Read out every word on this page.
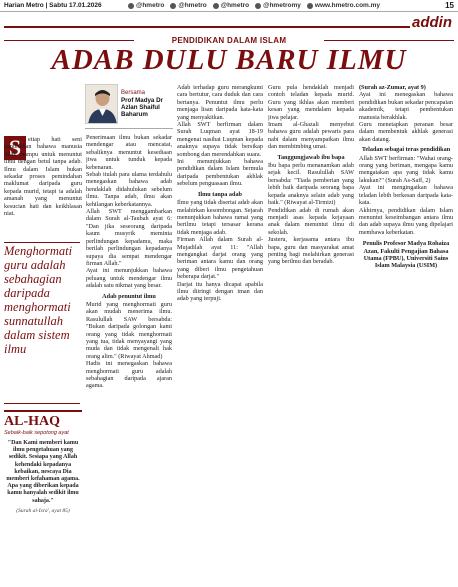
Harian Metro | Sabtu 17.01.2026	@hmetro @hmetro @hmetro @hmetromy www.hmetro.com.my	15
addin
PENDIDIKAN DALAM ISLAM
ADAB DULU BARU ILMU
Bersama
Prof Madya Dr Azlan Shaiful Baharum
S	etiap hati seni pendidikan bahawa manusia tidak mampu untuk menuntut ilmu dengan betul tanpa adab. Ilmu dalam Islam bukan sekadar proses pemindahan maklumat daripada guru kepada murid, tetapi ia adalah amanah yang menuntut kesucian hati dan keikhlasan niat.

Menghormati guru adalah sebahagian daripada menghormati sunnatullah dalam sistem ilmu
AL-HAQ
Sebaik-baik sepotong ayat
"Dan Kami memberi kamu ilmu pengetahuan yang sedikit. Sesiapa yang Allah kehendaki kepadanya kebaikan, nescaya Dia memberi kefahaman agama. Apa yang diberikan kepada kamu hanyalah sedikit ilmu sahaja."
(Surah al-Isra', ayat 85)

Penerimaan ilmu bukan sekadar mendengar atau mencatat, sebaliknya menuntut kesediaan jiwa untuk tunduk kepada kebenaran.

Sebab itulah para ulama terdahulu menegaskan bahawa adab hendaklah didahulukan sebelum ilmu. Tanpa adab, ilmu akan kehilangan keberkatannya.

Allah SWT menggambarkan dalam Surah al-Taubah ayat 6: "Dan jika seseorang daripada kaum musyrik meminta perlindungan kepadamu, maka berilah perlindungan kepadanya supaya dia sempat mendengar firman Allah."

Ayat ini menunjukkan bahawa peluang untuk mendengar ilmu adalah satu nikmat yang besar.

Adab penuntut ilmu

Murid yang menghormati guru akan mudah menerima ilmu. Rasulullah SAW bersabda: "Bukan daripada golongan kami orang yang tidak menghormati yang tua, tidak menyayangi yang muda dan tidak mengenali hak orang alim." (Riwayat Ahmad)

Hadis ini menegaskan bahawa menghormati guru adalah sebahagian daripada ajaran agama.

Adab terhadap guru merangkumi cara bertutur, cara duduk dan cara bertanya. Penuntut ilmu perlu menjaga lisan daripada kata-kata yang menyakitkan.

Allah SWT berfirman dalam Surah Luqman ayat 18-19 mengenai nasihat Luqman kepada anaknya supaya tidak bersikap sombong dan merendahkan suara.

Ini menunjukkan bahawa pendidikan dalam Islam bermula daripada pembentukan akhlak sebelum penguasaan ilmu.

Ilmu tanpa adab

Ilmu yang tidak disertai adab akan melahirkan kesombongan. Sejarah menunjukkan bahawa ramai yang berilmu tetapi tersasar kerana tidak menjaga adab.

Firman Allah dalam Surah al-Mujadilah ayat 11: "Allah mengangkat darjat orang yang beriman antara kamu dan orang yang diberi ilmu pengetahuan beberapa darjat."

Darjat itu hanya dicapai apabila ilmu diiringi dengan iman dan adab yang terpuji.

Guru pula hendaklah menjadi contoh teladan kepada murid. Guru yang ikhlas akan memberi kesan yang mendalam kepada jiwa pelajar.

Imam al-Ghazali menyebut bahawa guru adalah pewaris para nabi dalam menyampaikan ilmu dan membimbing umat.

Tanggungjawab ibu bapa

Ibu bapa perlu menanamkan adab sejak kecil. Rasulullah SAW bersabda: "Tiada pemberian yang lebih baik daripada seorang bapa kepada anaknya selain adab yang baik." (Riwayat al-Tirmizi)

Pendidikan adab di rumah akan menjadi asas kepada kejayaan anak dalam menuntut ilmu di sekolah.

Justeru, kerjasama antara ibu bapa, guru dan masyarakat amat penting bagi melahirkan generasi yang berilmu dan beradab.

(Surah az-Zumar, ayat 9)

Ayat ini menegaskan bahawa pendidikan bukan sekadar pencapaian akademik, tetapi pembentukan manusia berakhlak.

Guru menetapkan peranan besar dalam membentuk akhlak generasi akan datang.

Teladan sebagai teras pendidikan

Allah SWT berfirman: "Wahai orang-orang yang beriman, mengapa kamu mengatakan apa yang tidak kamu lakukan?" (Surah As-Saff, 2)

Ayat ini mengingatkan bahawa teladan lebih berkesan daripada kata-kata.

Akhirnya, pendidikan dalam Islam menuntut keseimbangan antara ilmu dan adab supaya ilmu yang dipelajari membawa keberkatan.

Penulis Profesor Madya Rohaiza Azan, Fakulti Pengajian Bahasa Utama (FPBU), Universiti Sains Islam Malaysia (USIM)
